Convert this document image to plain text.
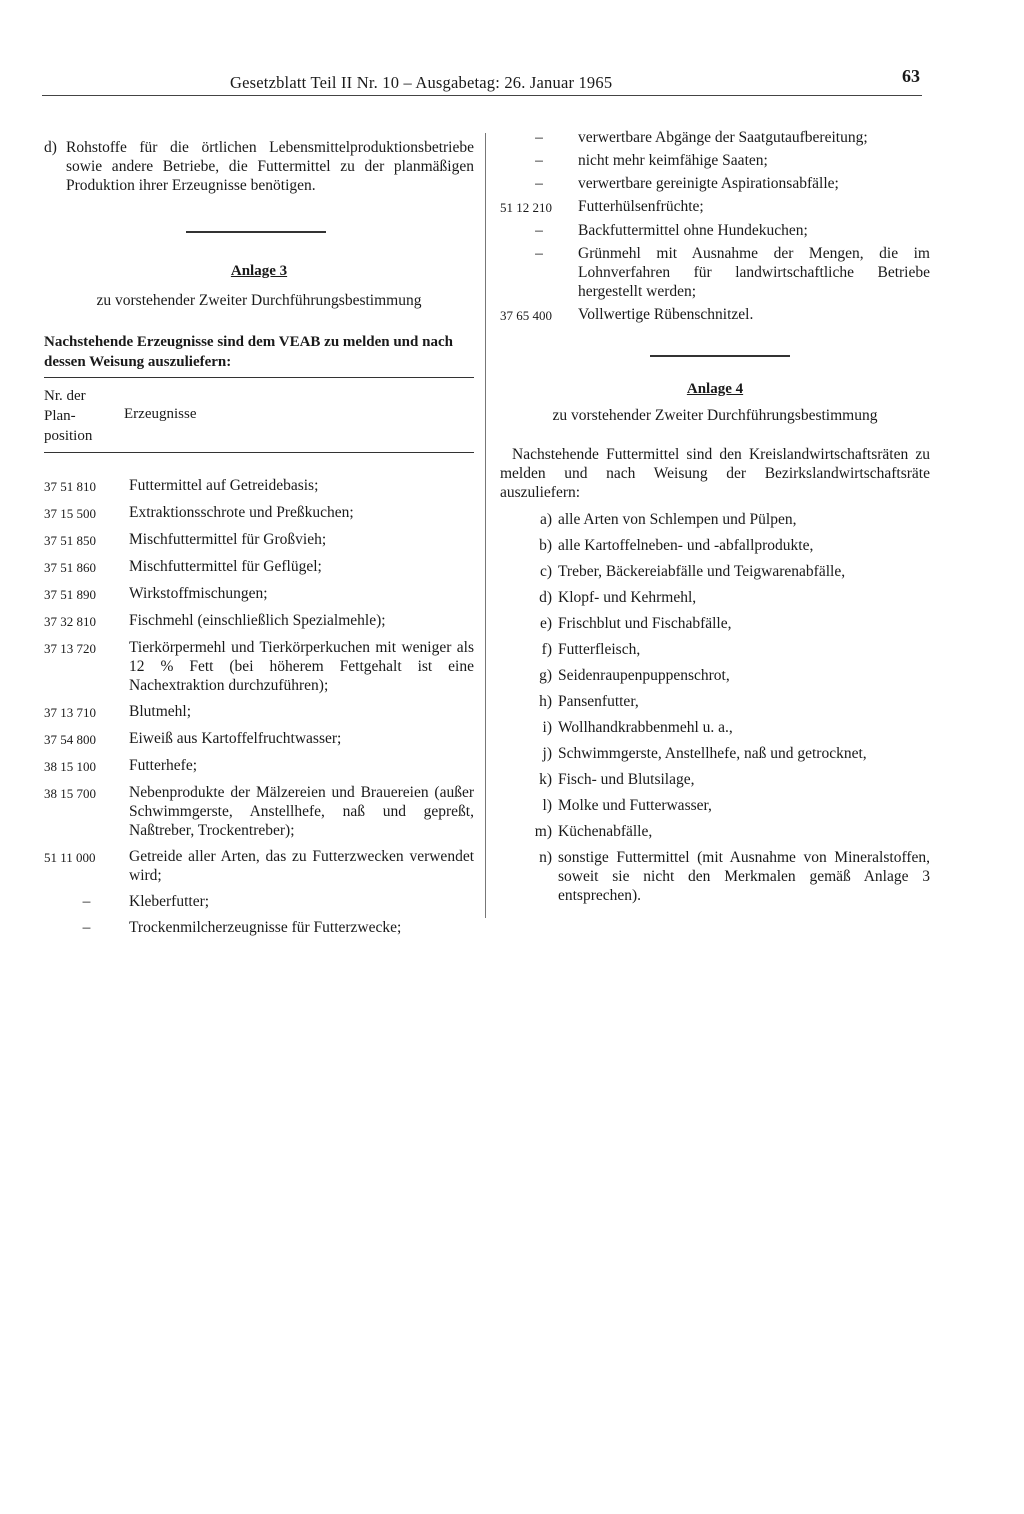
Gesetzblatt Teil II Nr. 10 – Ausgabetag: 26. Januar 1965	63
d) Rohstoffe für die örtlichen Lebensmittelproduktionsbetriebe sowie andere Betriebe, die Futtermittel zu der planmäßigen Produktion ihrer Erzeugnisse benötigen.
Anlage 3
zu vorstehender Zweiter Durchführungsbestimmung
Nachstehende Erzeugnisse sind dem VEAB zu melden und nach dessen Weisung auszuliefern:
Nr. der
Plan-
position
Erzeugnisse
37 51 810	Futtermittel auf Getreidebasis;
37 15 500	Extraktionsschrote und Preßkuchen;
37 51 850	Mischfuttermittel für Großvieh;
37 51 860	Mischfuttermittel für Geflügel;
37 51 890	Wirkstoffmischungen;
37 32 810	Fischmehl (einschließlich Spezialmehle);
37 13 720	Tierkörpermehl und Tierkörperkuchen mit weniger als 12 % Fett (bei höherem Fettgehalt ist eine Nachextraktion durchzuführen);
37 13 710	Blutmehl;
37 54 800	Eiweiß aus Kartoffelfruchtwasser;
38 15 100	Futterhefe;
38 15 700	Nebenprodukte der Mälzereien und Brauereien (außer Schwimmgerste, Anstellhefe, naß und gepreßt, Naßtreber, Trockentreber);
51 11 000	Getreide aller Arten, das zu Futterzwecken verwendet wird;
–	Kleberfutter;
–	Trockenmilcherzeugnisse für Futterzwecke;
–	verwertbare Abgänge der Saatgutaufbereitung;
–	nicht mehr keimfähige Saaten;
–	verwertbare gereinigte Aspirationsabfälle;
51 12 210	Futterhülsenfrüchte;
–	Backfuttermittel ohne Hundekuchen;
–	Grünmehl mit Ausnahme der Mengen, die im Lohnverfahren für landwirtschaftliche Betriebe hergestellt werden;
37 65 400	Vollwertige Rübenschnitzel.
Anlage 4
zu vorstehender Zweiter Durchführungsbestimmung
Nachstehende Futtermittel sind den Kreislandwirtschaftsräten zu melden und nach Weisung der Bezirkslandwirtschaftsräte auszuliefern:
a) alle Arten von Schlempen und Pülpen,
b) alle Kartoffelneben- und -abfallprodukte,
c) Treber, Bäckereiabfälle und Teigwarenabfälle,
d) Klopf- und Kehrmehl,
e) Frischblut und Fischabfälle,
f) Futterfleisch,
g) Seidenraupenpuppenschrot,
h) Pansenfutter,
i) Wollhandkrabbenmehl u. a.,
j) Schwimmgerste, Anstellhefe, naß und getrocknet,
k) Fisch- und Blutsilage,
l) Molke und Futterwasser,
m) Küchenabfälle,
n) sonstige Futtermittel (mit Ausnahme von Mineralstoffen, soweit sie nicht den Merkmalen gemäß Anlage 3 entsprechen).
